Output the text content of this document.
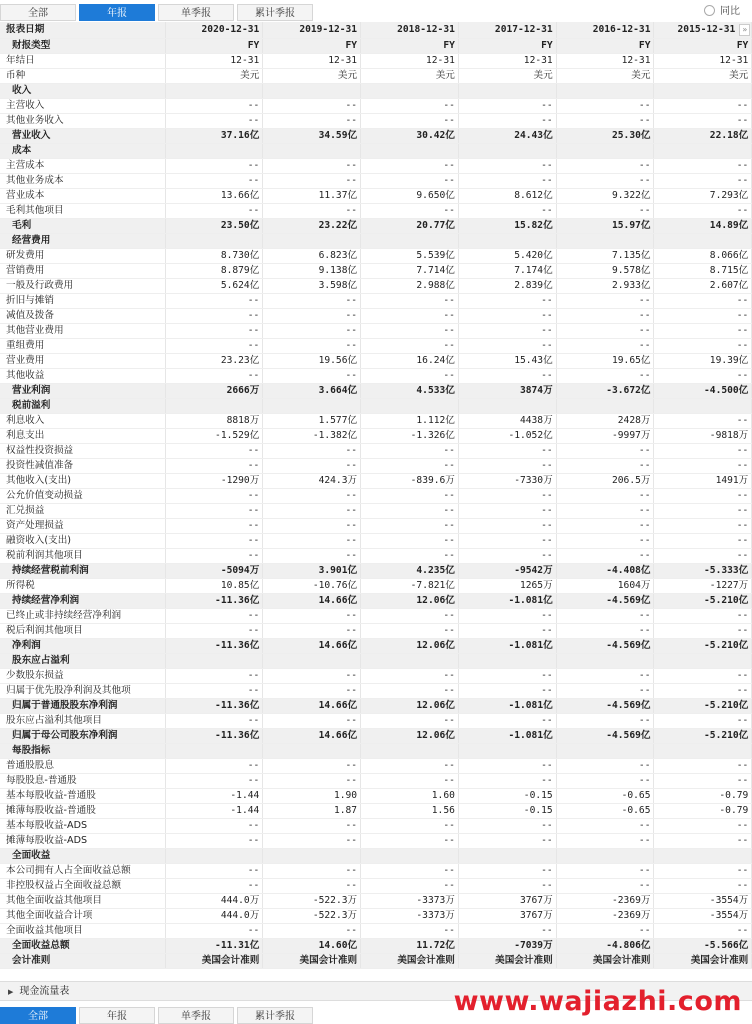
全部	年报	单季报	累计季报	同比
报表日期	2020-12-31	2019-12-31	2018-12-31	2017-12-31	2016-12-31	2015-12-31 »

财报类型	FY	FY	FY	FY	FY	FY
年结日	12-31	12-31	12-31	12-31	12-31	12-31
币种	美元	美元	美元	美元	美元	美元
收入						
主营收入	--	--	--	--	--	--
其他业务收入	--	--	--	--	--	--
营业收入	37.16亿	34.59亿	30.42亿	24.43亿	25.30亿	22.18亿
成本						
主营成本	--	--	--	--	--	--
其他业务成本	--	--	--	--	--	--
营业成本	13.66亿	11.37亿	9.650亿	8.612亿	9.322亿	7.293亿
毛利其他项目	--	--	--	--	--	--
毛利	23.50亿	23.22亿	20.77亿	15.82亿	15.97亿	14.89亿
经营费用						
研发费用	8.730亿	6.823亿	5.539亿	5.420亿	7.135亿	8.066亿
营销费用	8.879亿	9.138亿	7.714亿	7.174亿	9.578亿	8.715亿
一般及行政费用	5.624亿	3.598亿	2.988亿	2.839亿	2.933亿	2.607亿
折旧与摊销	--	--	--	--	--	--
减值及拨备	--	--	--	--	--	--
其他营业费用	--	--	--	--	--	--
重组费用	--	--	--	--	--	--
营业费用	23.23亿	19.56亿	16.24亿	15.43亿	19.65亿	19.39亿
其他收益	--	--	--	--	--	--
营业利润	2666万	3.664亿	4.533亿	3874万	-3.672亿	-4.500亿
税前溢利						
利息收入	8818万	1.577亿	1.112亿	4438万	2428万	--
利息支出	-1.529亿	-1.382亿	-1.326亿	-1.052亿	-9997万	-9818万
权益性投资损益	--	--	--	--	--	--
投资性减值准备	--	--	--	--	--	--
其他收入(支出)	-1290万	424.3万	-839.6万	-7330万	206.5万	1491万
公允价值变动损益	--	--	--	--	--	--
汇兑损益	--	--	--	--	--	--
资产处理损益	--	--	--	--	--	--
融资收入(支出)	--	--	--	--	--	--
税前利润其他项目	--	--	--	--	--	--
持续经营税前利润	-5094万	3.901亿	4.235亿	-9542万	-4.408亿	-5.333亿
所得税	10.85亿	-10.76亿	-7.821亿	1265万	1604万	-1227万
持续经营净利润	-11.36亿	14.66亿	12.06亿	-1.081亿	-4.569亿	-5.210亿
已终止或非持续经营净利润	--	--	--	--	--	--
税后利润其他项目	--	--	--	--	--	--
净利润	-11.36亿	14.66亿	12.06亿	-1.081亿	-4.569亿	-5.210亿
股东应占溢利						
少数股东损益	--	--	--	--	--	--
归属于优先股净利润及其他项	--	--	--	--	--	--
归属于普通股股东净利润	-11.36亿	14.66亿	12.06亿	-1.081亿	-4.569亿	-5.210亿
股东应占溢利其他项目	--	--	--	--	--	--
归属于母公司股东净利润	-11.36亿	14.66亿	12.06亿	-1.081亿	-4.569亿	-5.210亿
每股指标						
普通股股息	--	--	--	--	--	--
每股股息-普通股	--	--	--	--	--	--
基本每股收益-普通股	-1.44	1.90	1.60	-0.15	-0.65	-0.79
摊薄每股收益-普通股	-1.44	1.87	1.56	-0.15	-0.65	-0.79
基本每股收益-ADS	--	--	--	--	--	--
摊薄每股收益-ADS	--	--	--	--	--	--
全面收益						
本公司拥有人占全面收益总额	--	--	--	--	--	--
非控股权益占全面收益总额	--	--	--	--	--	--
其他全面收益其他项目	444.0万	-522.3万	-3373万	3767万	-2369万	-3554万
其他全面收益合计项	444.0万	-522.3万	-3373万	3767万	-2369万	-3554万
全面收益其他项目	--	--	--	--	--	--
全面收益总额	-11.31亿	14.60亿	11.72亿	-7039万	-4.806亿	-5.566亿
会计准则	美国会计准则	美国会计准则	美国会计准则	美国会计准则	美国会计准则	美国会计准则
▶ 现金流量表	www.wajiazhi.com
全部	年报	单季报	累计季报
